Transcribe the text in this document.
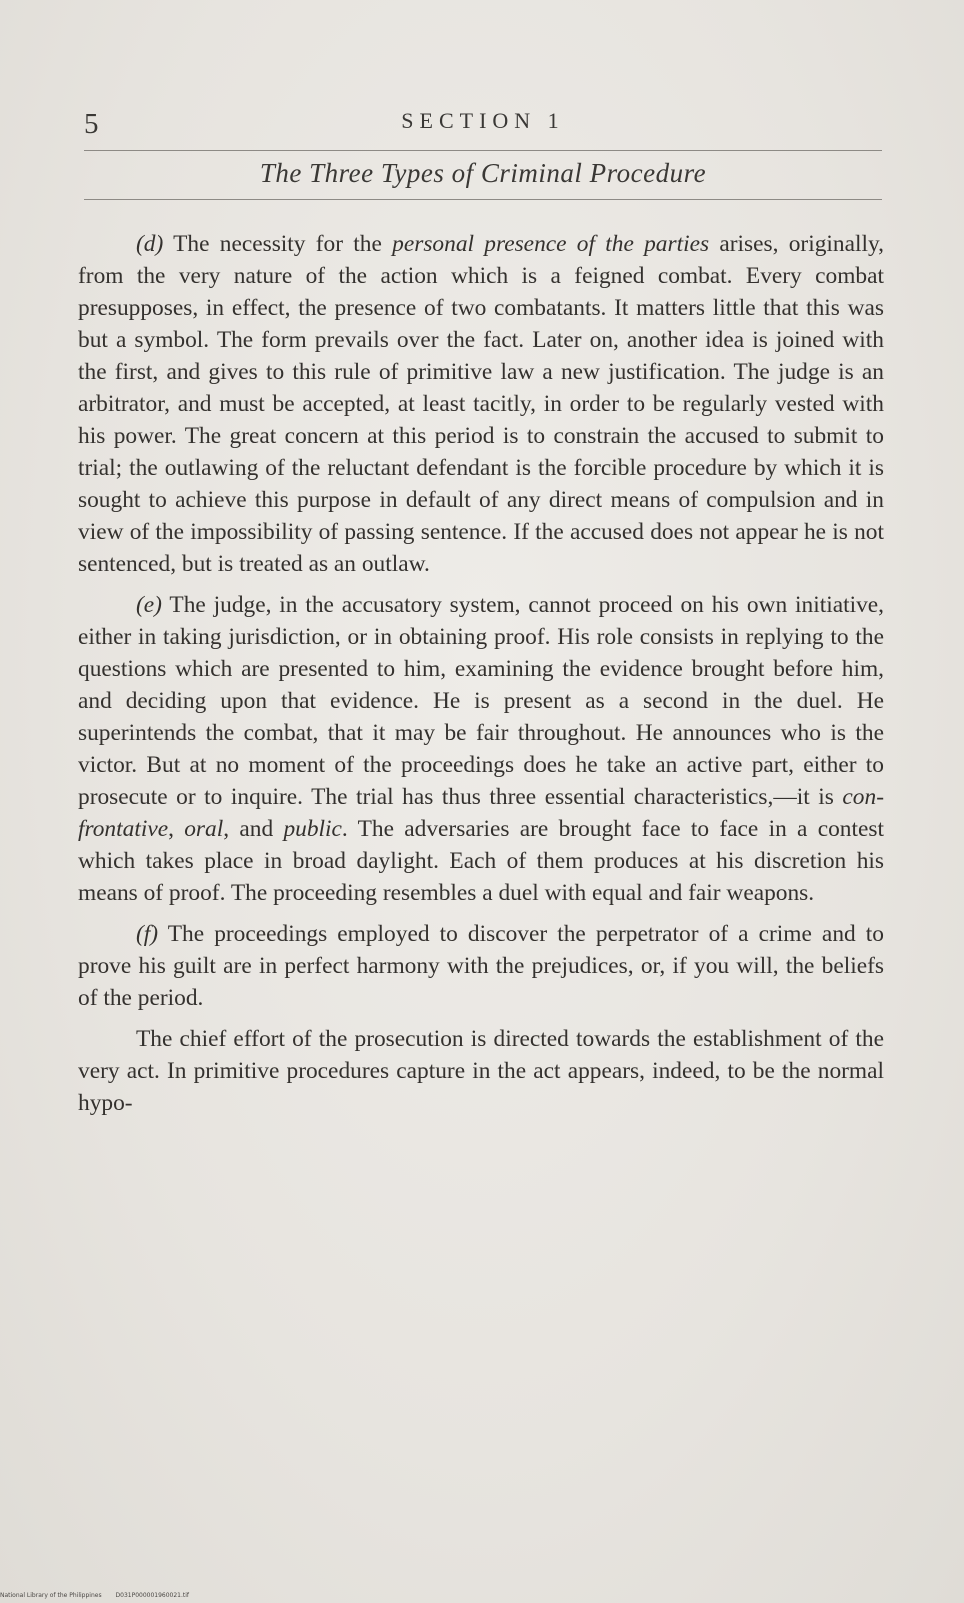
5	SECTION 1
The Three Types of Criminal Procedure

(d) The necessity for the personal presence of the parties arises, originally, from the very nature of the action which is a feigned combat. Every combat presupposes, in effect, the presence of two combatants. It matters little that this was but a symbol. The form prevails over the fact. Later on, another idea is joined with the first, and gives to this rule of primitive law a new justification. The judge is an arbitrator, and must be accepted, at least tacitly, in order to be regularly vested with his power. The great concern at this period is to constrain the accused to submit to trial; the outlawing of the reluctant defendant is the forcible procedure by which it is sought to achieve this purpose in default of any direct means of compulsion and in view of the impossibility of passing sentence. If the accused does not appear he is not sentenced, but is treated as an outlaw.

(e) The judge, in the accusatory system, cannot proceed on his own initiative, either in taking jurisdiction, or in obtaining proof. His role consists in replying to the questions which are presented to him, examining the evidence brought before him, and deciding upon that evidence. He is present as a second in the duel. He superintends the combat, that it may be fair throughout. He announces who is the victor. But at no moment of the proceedings does he take an active part, either to prosecute or to inquire. The trial has thus three essential characteristics,—it is confrontative, oral, and public. The adversaries are brought face to face in a contest which takes place in broad daylight. Each of them produces at his discretion his means of proof. The proceeding resembles a duel with equal and fair weapons.

(f) The proceedings employed to discover the perpetrator of a crime and to prove his guilt are in perfect harmony with the prejudices, or, if you will, the beliefs of the period.

The chief effort of the prosecution is directed towards the establishment of the very act. In primitive procedures capture in the act appears, indeed, to be the normal hypo-

National Library of the Philippines D031P000001960021.tif
